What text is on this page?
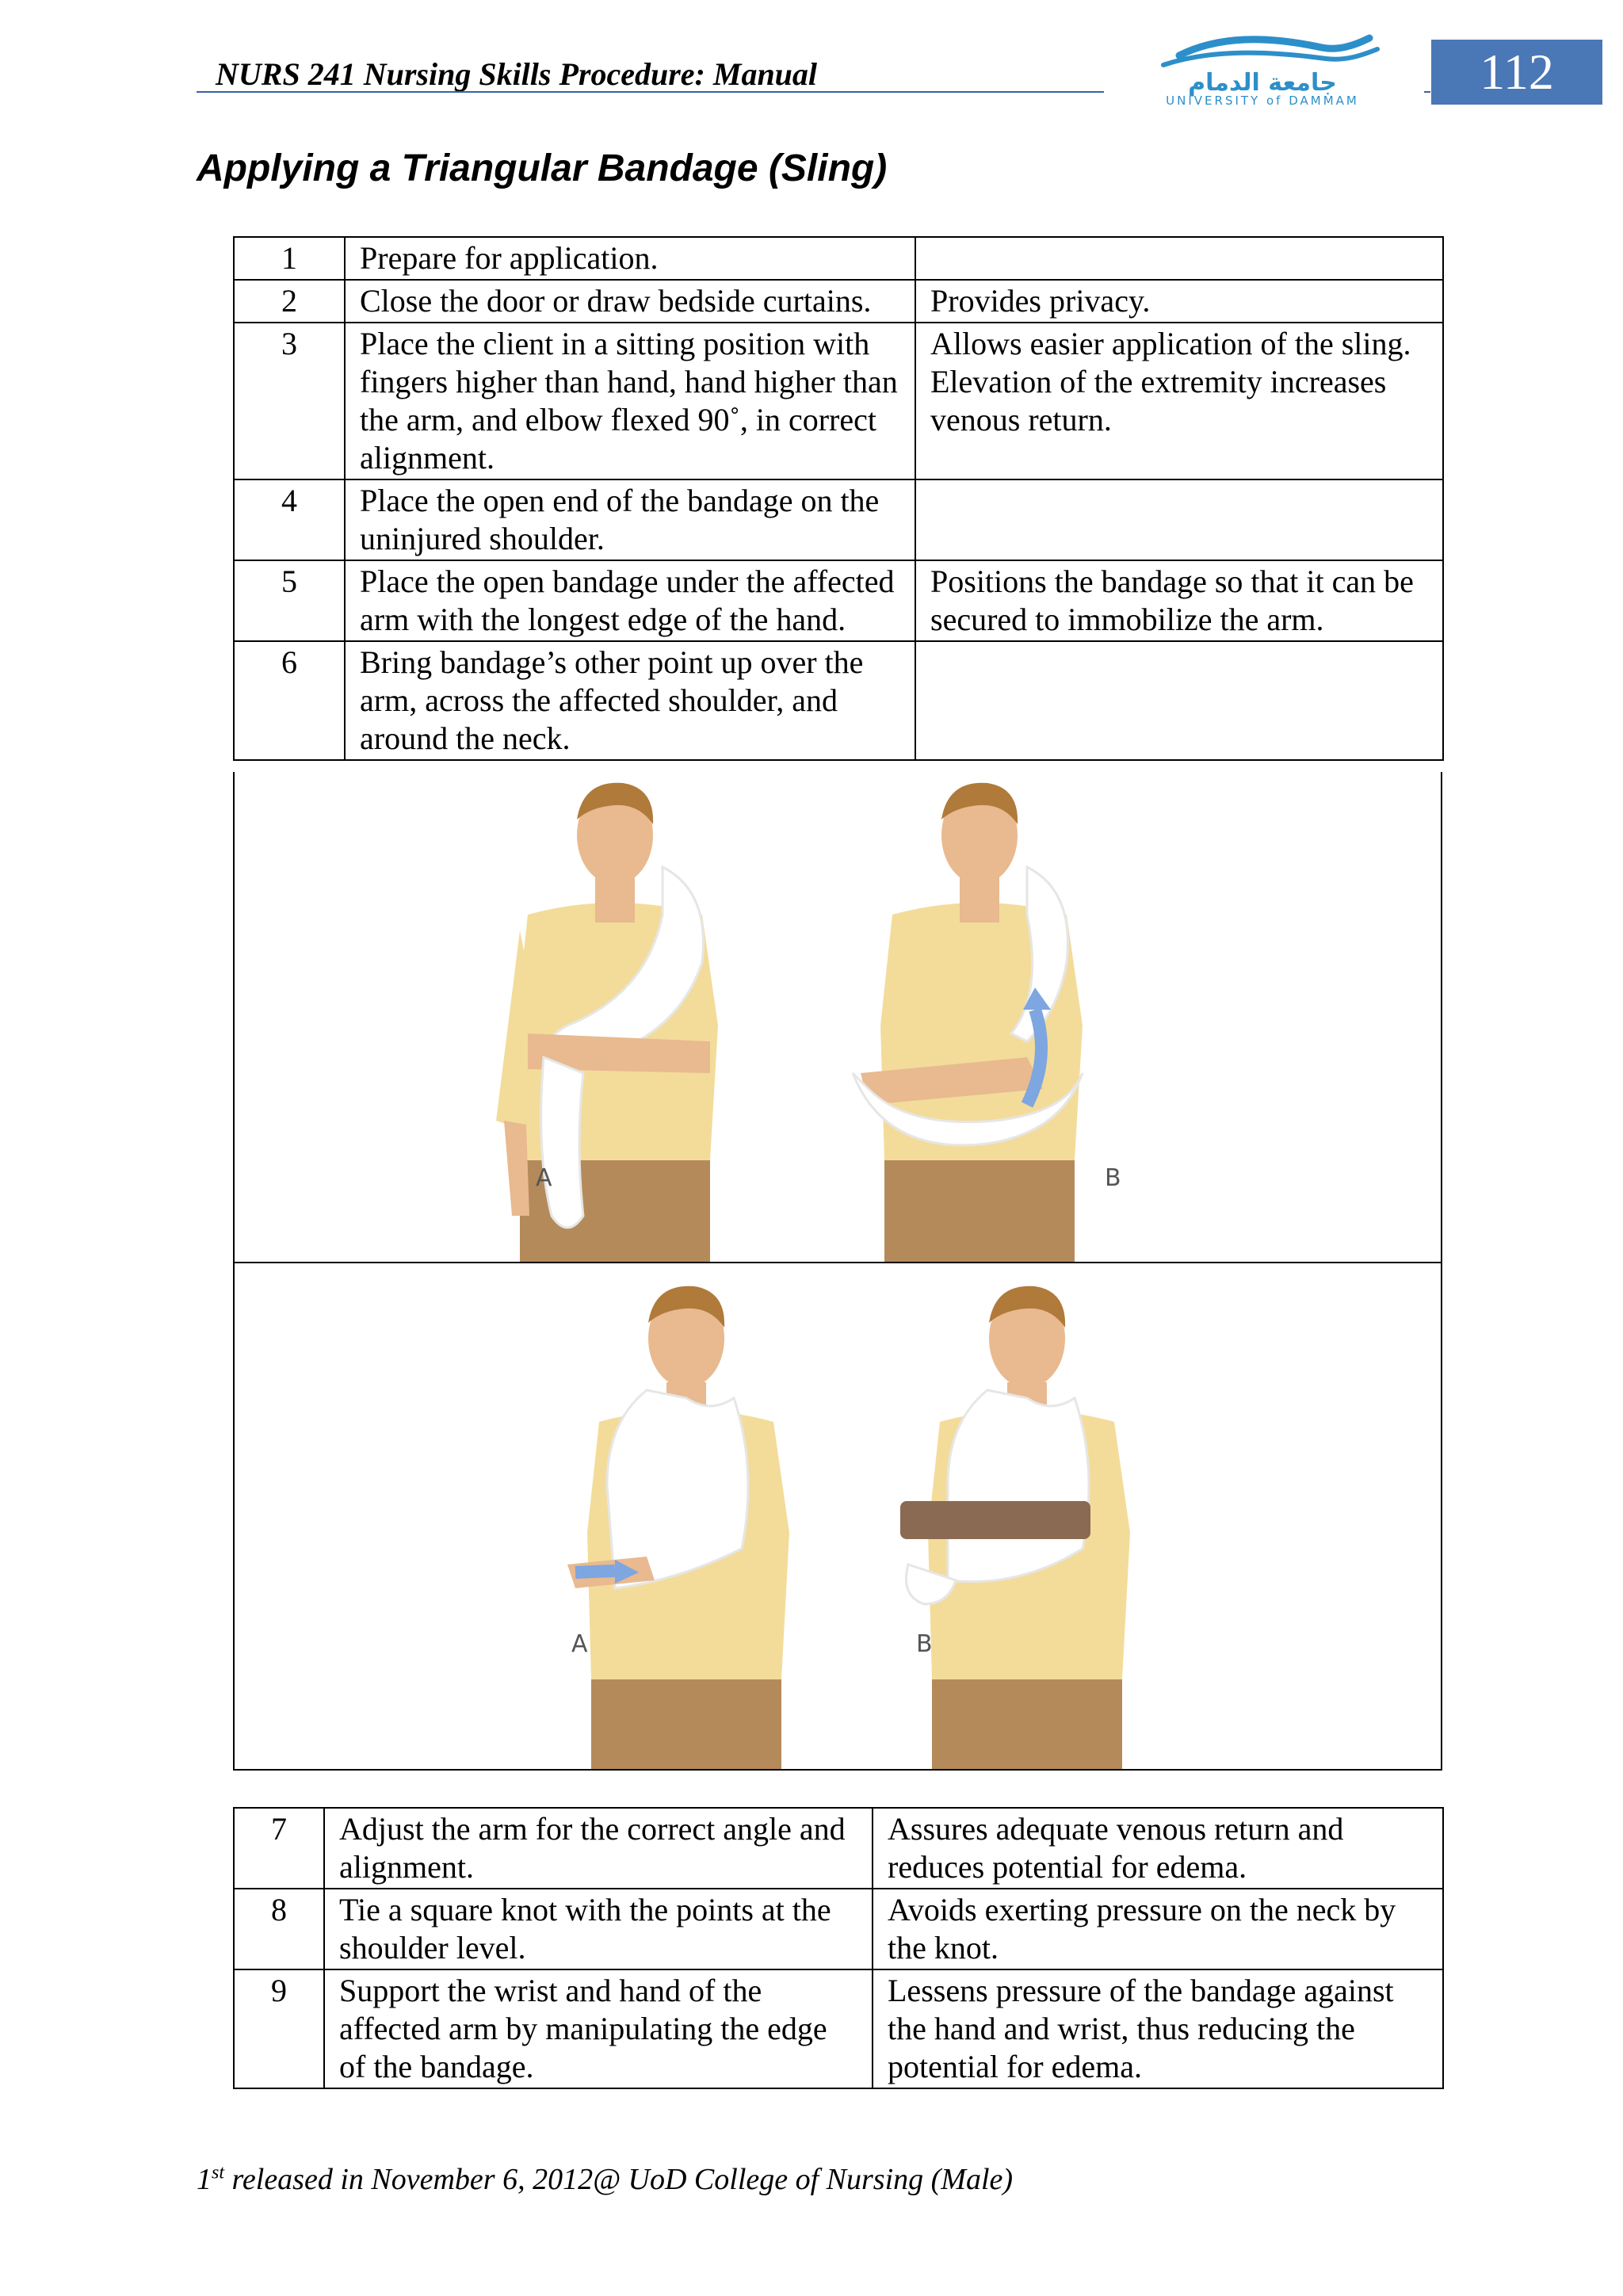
NURS 241 Nursing Skills Procedure: Manual	جامعة الدمام
UNIVERSITY of DAMMAM
112
Applying a Triangular Bandage (Sling)
1	Prepare for application.	
2	Close the door or draw bedside curtains.	Provides privacy.
3	Place the client in a sitting position with fingers higher than hand, hand higher than the arm, and elbow flexed 90˚, in correct alignment.	Allows easier application of the sling. Elevation of the extremity increases venous return.
4	Place the open end of the bandage on the uninjured shoulder.	
5	Place the open bandage under the affected arm with the longest edge of the hand.	Positions the bandage so that it can be secured to immobilize the arm.
6	Bring bandage’s other point up over the arm, across the affected shoulder, and around the neck.	
A	B
A	B
7	Adjust the arm for the correct angle and alignment.	Assures adequate venous return and reduces potential for edema.
8	Tie a square knot with the points at the shoulder level.	Avoids exerting pressure on the neck by the knot.
9	Support the wrist and hand of the affected arm by manipulating the edge of the bandage.	Lessens pressure of the bandage against the hand and wrist, thus reducing the potential for edema.
1st released in November 6, 2012@ UoD College of Nursing (Male)
